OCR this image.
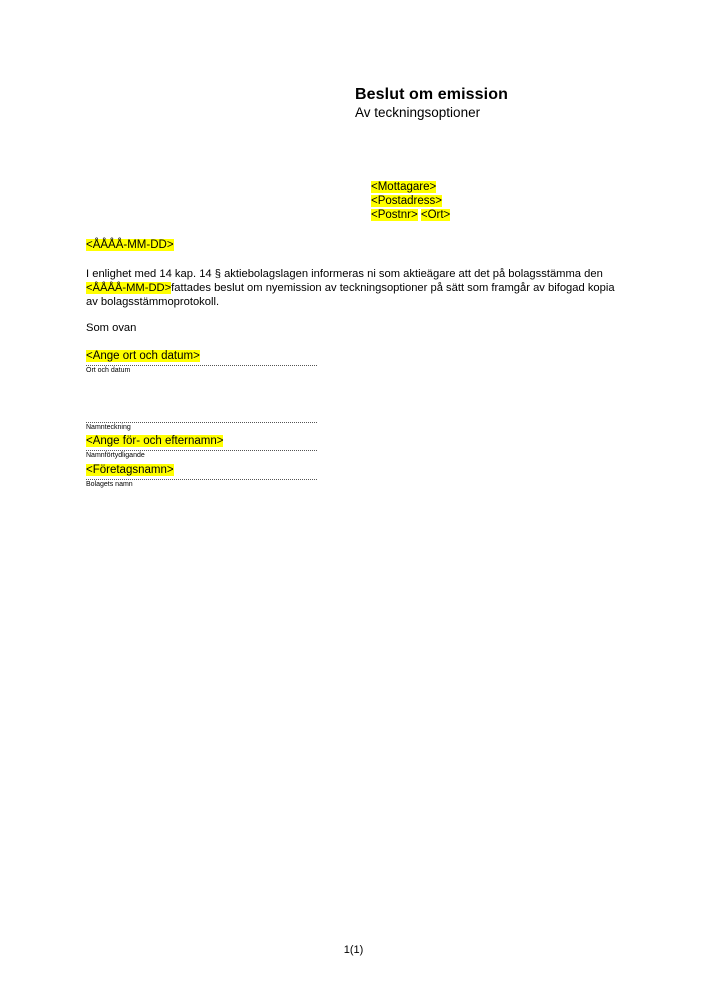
Beslut om emission
Av teckningsoptioner
<Mottagare>
<Postadress>
<Postnr> <Ort>
<ÅÅÅÅ-MM-DD>
I enlighet med 14 kap. 14 § aktiebolagslagen informeras ni som aktieägare att det på bolagsstämma den <ÅÅÅÅ-MM-DD>fattades beslut om nyemission av teckningsoptioner på sätt som framgår av bifogad kopia av bolagsstämmoprotokoll.
Som ovan
<Ange ort och datum>
Ort och datum
Namnteckning
<Ange för- och efternamn>
Namnförtydligande
<Företagsnamn>
Bolagets namn
1(1)
